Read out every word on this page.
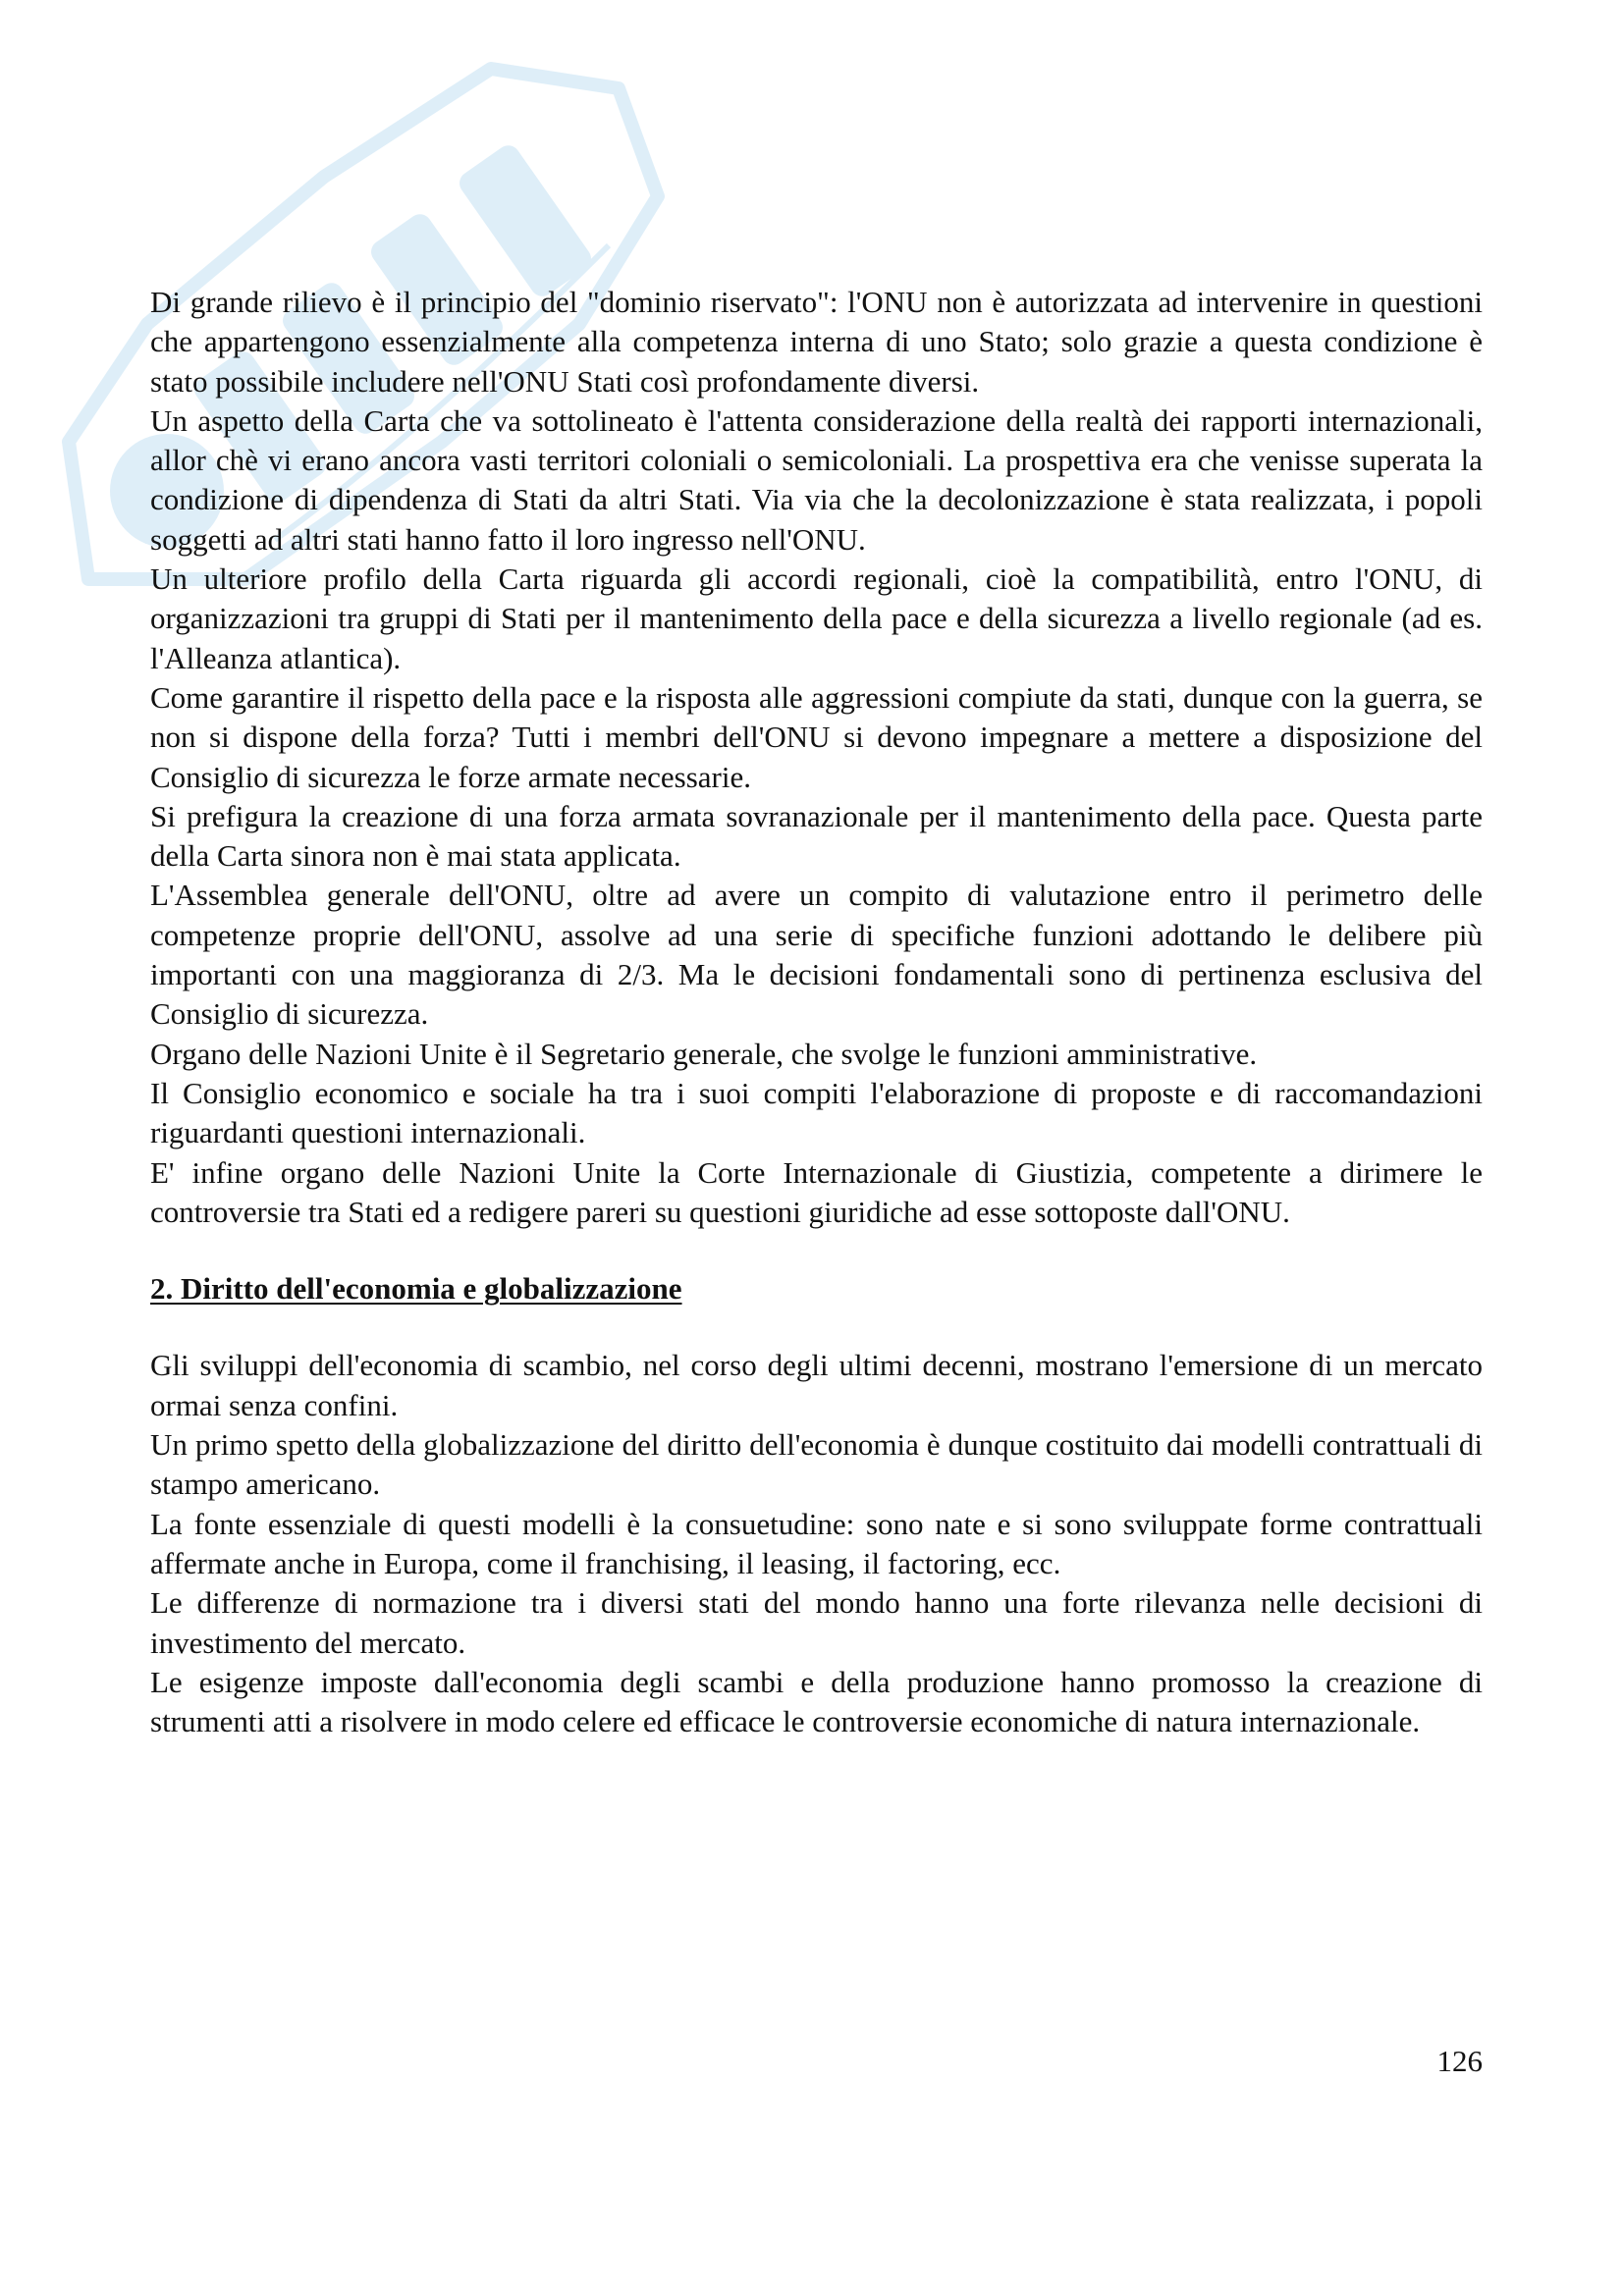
Di grande rilievo è il principio del "dominio riservato": l'ONU non è autorizzata ad intervenire in questioni che appartengono essenzialmente alla competenza interna di uno Stato; solo grazie a questa condizione è stato possibile includere nell'ONU Stati così profondamente diversi.

Un aspetto della Carta che va sottolineato è l'attenta considerazione della realtà dei rapporti internazionali, allor chè vi erano ancora vasti territori coloniali o semicoloniali. La prospettiva era che venisse superata la condizione di dipendenza di Stati da altri Stati. Via via che la decolonizzazione è stata realizzata, i popoli soggetti ad altri stati hanno fatto il loro ingresso nell'ONU.

Un ulteriore profilo della Carta riguarda gli accordi regionali, cioè la compatibilità, entro l'ONU, di organizzazioni tra gruppi di Stati per il mantenimento della pace e della sicurezza a livello regionale (ad es. l'Alleanza atlantica).

Come garantire il rispetto della pace e la risposta alle aggressioni compiute da stati, dunque con la guerra, se non si dispone della forza? Tutti i membri dell'ONU si devono impegnare a mettere a disposizione del Consiglio di sicurezza le forze armate necessarie.

Si prefigura la creazione di una forza armata sovranazionale per il mantenimento della pace. Questa parte della Carta sinora non è mai stata applicata.

L'Assemblea generale dell'ONU, oltre ad avere un compito di valutazione entro il perimetro delle competenze proprie dell'ONU, assolve ad una serie di specifiche funzioni adottando le delibere più importanti con una maggioranza di 2/3. Ma le decisioni fondamentali sono di pertinenza esclusiva del Consiglio di sicurezza.

Organo delle Nazioni Unite è il Segretario generale, che svolge le funzioni amministrative.

Il Consiglio economico e sociale ha tra i suoi compiti l'elaborazione di proposte e di raccomandazioni riguardanti questioni internazionali.

E' infine organo delle Nazioni Unite la Corte Internazionale di Giustizia, competente a dirimere le controversie tra Stati ed a redigere pareri su questioni giuridiche ad esse sottoposte dall'ONU.

2. Diritto dell'economia e globalizzazione

Gli sviluppi dell'economia di scambio, nel corso degli ultimi decenni, mostrano l'emersione di un mercato ormai senza confini.

Un primo spetto della globalizzazione del diritto dell'economia è dunque costituito dai modelli contrattuali di stampo americano.

La fonte essenziale di questi modelli è la consuetudine: sono nate e si sono sviluppate forme contrattuali affermate anche in Europa, come il franchising, il leasing, il factoring, ecc.

Le differenze di normazione tra i diversi stati del mondo hanno una forte rilevanza nelle decisioni di investimento del mercato.

Le esigenze imposte dall'economia degli scambi e della produzione hanno promosso la creazione di strumenti atti a risolvere in modo celere ed efficace le controversie economiche di natura internazionale.

126
